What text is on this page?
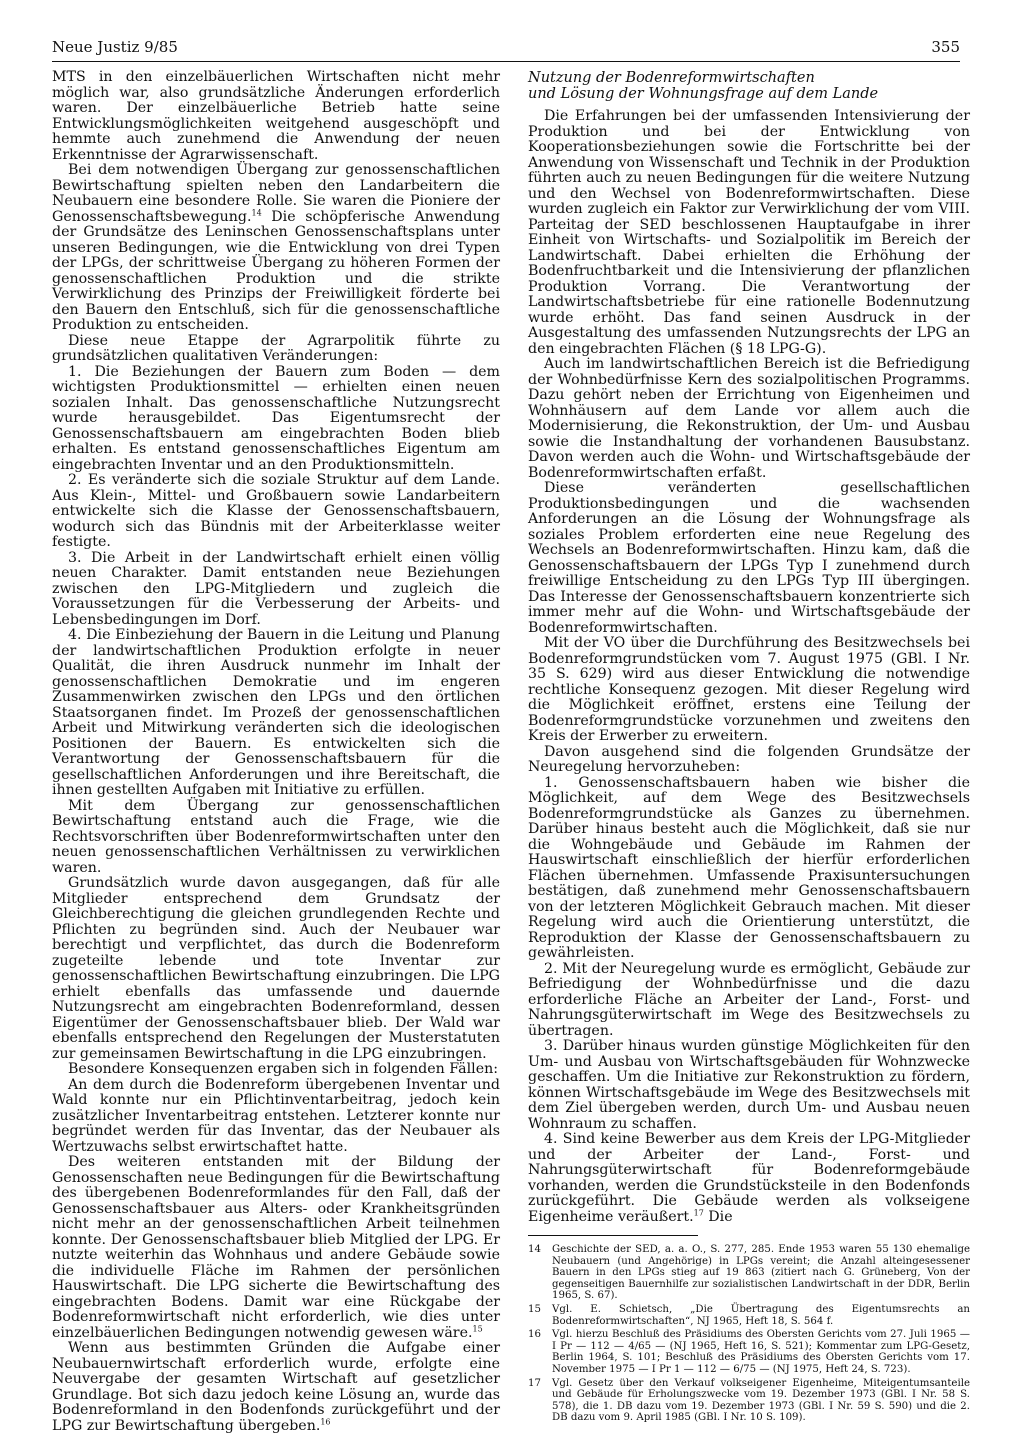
Neue Justiz 9/85	355

MTS in den einzelbäuerlichen Wirtschaften nicht mehr möglich war, also grundsätzliche Änderungen erforderlich waren. Der einzelbäuerliche Betrieb hatte seine Entwicklungsmöglichkeiten weitgehend ausgeschöpft und hemmte auch zunehmend die Anwendung der neuen Erkenntnisse der Agrarwissenschaft.

Bei dem notwendigen Übergang zur genossenschaftlichen Bewirtschaftung spielten neben den Landarbeitern die Neubauern eine besondere Rolle. Sie waren die Pioniere der Genossenschaftsbewegung.$^{14}$ Die schöpferische Anwendung der Grundsätze des Leninschen Genossenschaftsplans unter unseren Bedingungen, wie die Entwicklung von drei Typen der LPGs, der schrittweise Übergang zu höheren Formen der genossenschaftlichen Produktion und die strikte Verwirklichung des Prinzips der Freiwilligkeit förderte bei den Bauern den Entschluß, sich für die genossenschaftliche Produktion zu entscheiden.

Diese neue Etappe der Agrarpolitik führte zu grundsätzlichen qualitativen Veränderungen:

1. Die Beziehungen der Bauern zum Boden — dem wichtigsten Produktionsmittel — erhielten einen neuen sozialen Inhalt. Das genossenschaftliche Nutzungsrecht wurde herausgebildet. Das Eigentumsrecht der Genossenschaftsbauern am eingebrachten Boden blieb erhalten. Es entstand genossenschaftliches Eigentum am eingebrachten Inventar und an den Produktionsmitteln.

2. Es veränderte sich die soziale Struktur auf dem Lande. Aus Klein-, Mittel- und Großbauern sowie Landarbeitern entwickelte sich die Klasse der Genossenschaftsbauern, wodurch sich das Bündnis mit der Arbeiterklasse weiter festigte.

3. Die Arbeit in der Landwirtschaft erhielt einen völlig neuen Charakter. Damit entstanden neue Beziehungen zwischen den LPG-Mitgliedern und zugleich die Voraussetzungen für die Verbesserung der Arbeits- und Lebensbedingungen im Dorf.

4. Die Einbeziehung der Bauern in die Leitung und Planung der landwirtschaftlichen Produktion erfolgte in neuer Qualität, die ihren Ausdruck nunmehr im Inhalt der genossenschaftlichen Demokratie und im engeren Zusammenwirken zwischen den LPGs und den örtlichen Staatsorganen findet. Im Prozeß der genossenschaftlichen Arbeit und Mitwirkung veränderten sich die ideologischen Positionen der Bauern. Es entwickelten sich die Verantwortung der Genossenschaftsbauern für die gesellschaftlichen Anforderungen und ihre Bereitschaft, die ihnen gestellten Aufgaben mit Initiative zu erfüllen.

Mit dem Übergang zur genossenschaftlichen Bewirtschaftung entstand auch die Frage, wie die Rechtsvorschriften über Bodenreformwirtschaften unter den neuen genossenschaftlichen Verhältnissen zu verwirklichen waren.

Grundsätzlich wurde davon ausgegangen, daß für alle Mitglieder entsprechend dem Grundsatz der Gleichberechtigung die gleichen grundlegenden Rechte und Pflichten zu begründen sind. Auch der Neubauer war berechtigt und verpflichtet, das durch die Bodenreform zugeteilte lebende und tote Inventar zur genossenschaftlichen Bewirtschaftung einzubringen. Die LPG erhielt ebenfalls das umfassende und dauernde Nutzungsrecht am eingebrachten Bodenreformland, dessen Eigentümer der Genossenschaftsbauer blieb. Der Wald war ebenfalls entsprechend den Regelungen der Musterstatuten zur gemeinsamen Bewirtschaftung in die LPG einzubringen.

Besondere Konsequenzen ergaben sich in folgenden Fällen:

An dem durch die Bodenreform übergebenen Inventar und Wald konnte nur ein Pflichtinventarbeitrag, jedoch kein zusätzlicher Inventarbeitrag entstehen. Letzterer konnte nur begründet werden für das Inventar, das der Neubauer als Wertzuwachs selbst erwirtschaftet hatte.

Des weiteren entstanden mit der Bildung der Genossenschaften neue Bedingungen für die Bewirtschaftung des übergebenen Bodenreformlandes für den Fall, daß der Genossenschaftsbauer aus Alters- oder Krankheitsgründen nicht mehr an der genossenschaftlichen Arbeit teilnehmen konnte. Der Genossenschaftsbauer blieb Mitglied der LPG. Er nutzte weiterhin das Wohnhaus und andere Gebäude sowie die individuelle Fläche im Rahmen der persönlichen Hauswirtschaft. Die LPG sicherte die Bewirtschaftung des eingebrachten Bodens. Damit war eine Rückgabe der Bodenreformwirtschaft nicht erforderlich, wie dies unter einzelbäuerlichen Bedingungen notwendig gewesen wäre.$^{15}$

Wenn aus bestimmten Gründen die Aufgabe einer Neubauernwirtschaft erforderlich wurde, erfolgte eine Neuvergabe der gesamten Wirtschaft auf gesetzlicher Grundlage. Bot sich dazu jedoch keine Lösung an, wurde das Bodenreformland in den Bodenfonds zurückgeführt und der LPG zur Bewirtschaftung übergeben.$^{16}$

Nutzung der Bodenreformwirtschaften
und Lösung der Wohnungsfrage auf dem Lande

Die Erfahrungen bei der umfassenden Intensivierung der Produktion und bei der Entwicklung von Kooperationsbeziehungen sowie die Fortschritte bei der Anwendung von Wissenschaft und Technik in der Produktion führten auch zu neuen Bedingungen für die weitere Nutzung und den Wechsel von Bodenreformwirtschaften. Diese wurden zugleich ein Faktor zur Verwirklichung der vom VIII. Parteitag der SED beschlossenen Hauptaufgabe in ihrer Einheit von Wirtschafts- und Sozialpolitik im Bereich der Landwirtschaft. Dabei erhielten die Erhöhung der Bodenfruchtbarkeit und die Intensivierung der pflanzlichen Produktion Vorrang. Die Verantwortung der Landwirtschaftsbetriebe für eine rationelle Bodennutzung wurde erhöht. Das fand seinen Ausdruck in der Ausgestaltung des umfassenden Nutzungsrechts der LPG an den eingebrachten Flächen (§ 18 LPG-G).

Auch im landwirtschaftlichen Bereich ist die Befriedigung der Wohnbedürfnisse Kern des sozialpolitischen Programms. Dazu gehört neben der Errichtung von Eigenheimen und Wohnhäusern auf dem Lande vor allem auch die Modernisierung, die Rekonstruktion, der Um- und Ausbau sowie die Instandhaltung der vorhandenen Bausubstanz. Davon werden auch die Wohn- und Wirtschaftsgebäude der Bodenreformwirtschaften erfaßt.

Diese veränderten gesellschaftlichen Produktionsbedingungen und die wachsenden Anforderungen an die Lösung der Wohnungsfrage als soziales Problem erforderten eine neue Regelung des Wechsels an Bodenreformwirtschaften. Hinzu kam, daß die Genossenschaftsbauern der LPGs Typ I zunehmend durch freiwillige Entscheidung zu den LPGs Typ III übergingen. Das Interesse der Genossenschaftsbauern konzentrierte sich immer mehr auf die Wohn- und Wirtschaftsgebäude der Bodenreformwirtschaften.

Mit der VO über die Durchführung des Besitzwechsels bei Bodenreformgrundstücken vom 7. August 1975 (GBl. I Nr. 35 S. 629) wird aus dieser Entwicklung die notwendige rechtliche Konsequenz gezogen. Mit dieser Regelung wird die Möglichkeit eröffnet, erstens eine Teilung der Bodenreformgrundstücke vorzunehmen und zweitens den Kreis der Erwerber zu erweitern.

Davon ausgehend sind die folgenden Grundsätze der Neuregelung hervorzuheben:

1. Genossenschaftsbauern haben wie bisher die Möglichkeit, auf dem Wege des Besitzwechsels Bodenreformgrundstücke als Ganzes zu übernehmen. Darüber hinaus besteht auch die Möglichkeit, daß sie nur die Wohngebäude und Gebäude im Rahmen der Hauswirtschaft einschließlich der hierfür erforderlichen Flächen übernehmen. Umfassende Praxisuntersuchungen bestätigen, daß zunehmend mehr Genossenschaftsbauern von der letzteren Möglichkeit Gebrauch machen. Mit dieser Regelung wird auch die Orientierung unterstützt, die Reproduktion der Klasse der Genossenschaftsbauern zu gewährleisten.

2. Mit der Neuregelung wurde es ermöglicht, Gebäude zur Befriedigung der Wohnbedürfnisse und die dazu erforderliche Fläche an Arbeiter der Land-, Forst- und Nahrungsgüterwirtschaft im Wege des Besitzwechsels zu übertragen.

3. Darüber hinaus wurden günstige Möglichkeiten für den Um- und Ausbau von Wirtschaftsgebäuden für Wohnzwecke geschaffen. Um die Initiative zur Rekonstruktion zu fördern, können Wirtschaftsgebäude im Wege des Besitzwechsels mit dem Ziel übergeben werden, durch Um- und Ausbau neuen Wohnraum zu schaffen.

4. Sind keine Bewerber aus dem Kreis der LPG-Mitglieder und der Arbeiter der Land-, Forst- und Nahrungsgüterwirtschaft für Bodenreformgebäude vorhanden, werden die Grundstücksteile in den Bodenfonds zurückgeführt. Die Gebäude werden als volkseigene Eigenheime veräußert.$^{17}$ Die

14	Geschichte der SED, a. a. O., S. 277, 285. Ende 1953 waren 55 130 ehemalige Neubauern (und Angehörige) in LPGs vereint; die Anzahl alteingesessener Bauern in den LPGs stieg auf 19 863 (zitiert nach G. Grüneberg, Von der gegenseitigen Bauernhilfe zur sozialistischen Landwirtschaft in der DDR, Berlin 1965, S. 67).
15	Vgl. E. Schietsch, „Die Übertragung des Eigentumsrechts an Bodenreformwirtschaften“, NJ 1965, Heft 18, S. 564 f.
16	Vgl. hierzu Beschluß des Präsidiums des Obersten Gerichts vom 27. Juli 1965 — I Pr — 112 — 4/65 — (NJ 1965, Heft 16, S. 521); Kommentar zum LPG-Gesetz, Berlin 1964, S. 101; Beschluß des Präsidiums des Obersten Gerichts vom 17. November 1975 — I Pr 1 — 112 — 6/75 — (NJ 1975, Heft 24, S. 723).
17	Vgl. Gesetz über den Verkauf volkseigener Eigenheime, Miteigentumsanteile und Gebäude für Erholungszwecke vom 19. Dezember 1973 (GBl. I Nr. 58 S. 578), die 1. DB dazu vom 19. Dezember 1973 (GBl. I Nr. 59 S. 590) und die 2. DB dazu vom 9. April 1985 (GBl. I Nr. 10 S. 109).
